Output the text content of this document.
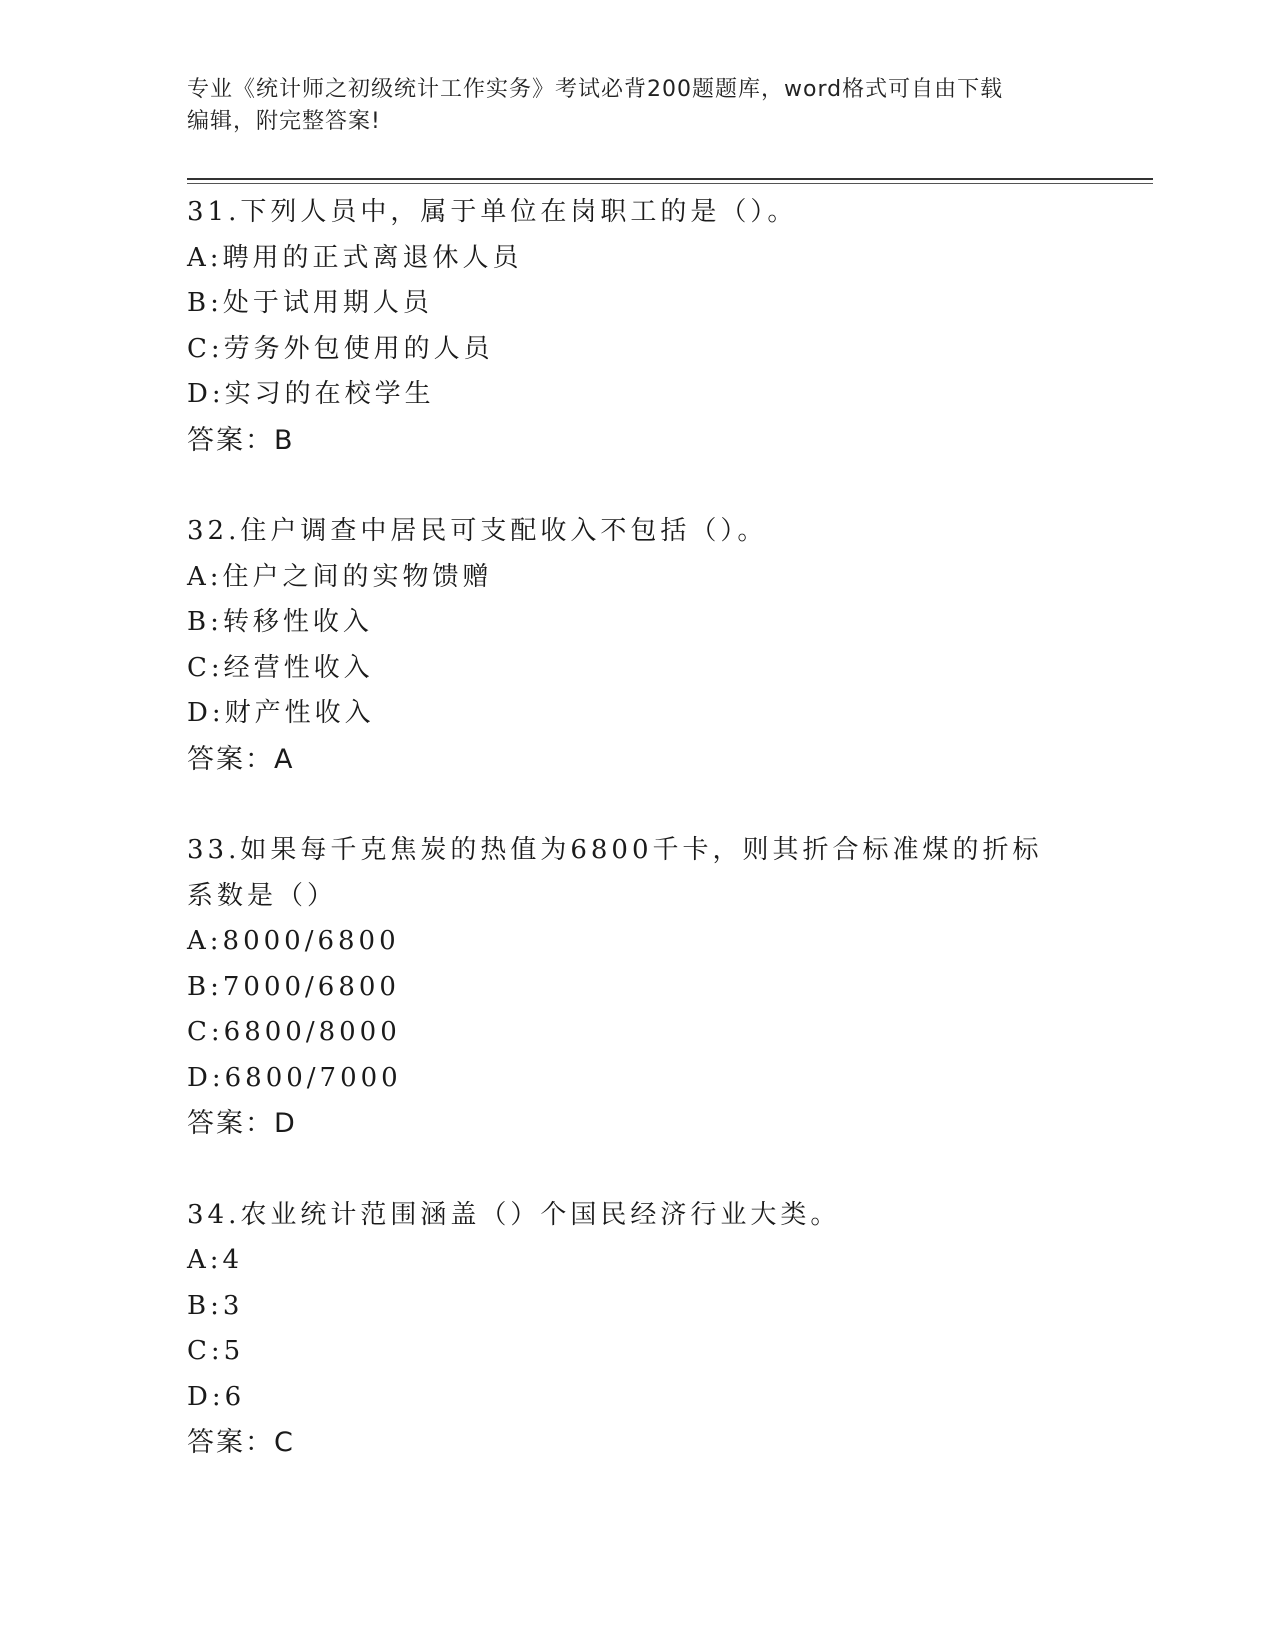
专业《统计师之初级统计工作实务》考试必背200题题库，word格式可自由下载
编辑，附完整答案!
31.下列人员中，属于单位在岗职工的是（）。
A:聘用的正式离退休人员
B:处于试用期人员
C:劳务外包使用的人员
D:实习的在校学生
答案：B
32.住户调查中居民可支配收入不包括（）。
A:住户之间的实物馈赠
B:转移性收入
C:经营性收入
D:财产性收入
答案：A
33.如果每千克焦炭的热值为6800千卡，则其折合标准煤的折标系数是（）
A:8000/6800
B:7000/6800
C:6800/8000
D:6800/7000
答案：D
34.农业统计范围涵盖（）个国民经济行业大类。
A:4
B:3
C:5
D:6
答案：C
